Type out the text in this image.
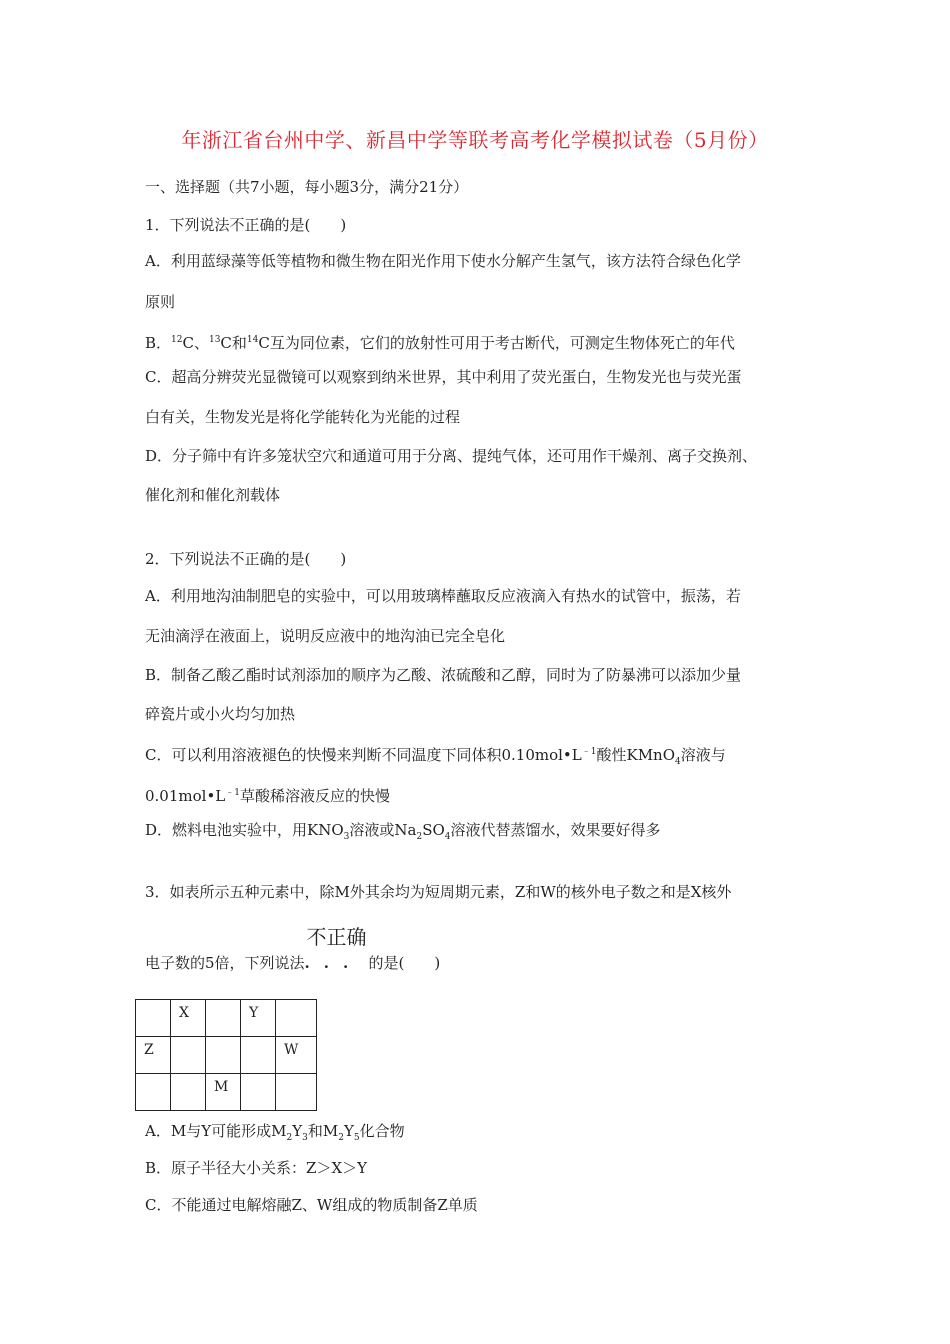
年浙江省台州中学、新昌中学等联考高考化学模拟试卷（5月份）
一、选择题（共7小题，每小题3分，满分21分）
1．下列说法不正确的是(　　)
A．利用蓝绿藻等低等植物和微生物在阳光作用下使水分解产生氢气，该方法符合绿色化学
原则
B．$^{12}$C、$^{13}$C和$^{14}$C互为同位素，它们的放射性可用于考古断代，可测定生物体死亡的年代
C．超高分辨荧光显微镜可以观察到纳米世界，其中利用了荧光蛋白，生物发光也与荧光蛋
白有关，生物发光是将化学能转化为光能的过程
D．分子筛中有许多笼状空穴和通道可用于分离、提纯气体，还可用作干燥剂、离子交换剂、
催化剂和催化剂载体
2．下列说法不正确的是(　　)
A．利用地沟油制肥皂的实验中，可以用玻璃棒蘸取反应液滴入有热水的试管中，振荡，若
无油滴浮在液面上，说明反应液中的地沟油已完全皂化
B．制备乙酸乙酯时试剂添加的顺序为乙酸、浓硫酸和乙醇，同时为了防暴沸可以添加少量
碎瓷片或小火均匀加热
C．可以利用溶液褪色的快慢来判断不同温度下同体积$0.10mol•L^{﹣1}$酸性KMnO$_4$溶液与
$0.01mol•L^{﹣1}$草酸稀溶液反应的快慢
D．燃料电池实验中，用$KNO_3$溶液或$Na_2SO_4$溶液代替蒸馏水，效果要好得多
3．如表所示五种元素中，除M外其余均为短周期元素，Z和W的核外电子数之和是X核外
电子数的5倍，下列说法
不正确
... 的是(　　)
	X		Y	
Z				W
		M		
A．M与Y可能形成$M_2Y_3$和$M_2Y_5$化合物
B．原子半径大小关系：Z＞X＞Y
C．不能通过电解熔融Z、W组成的物质制备Z单质
